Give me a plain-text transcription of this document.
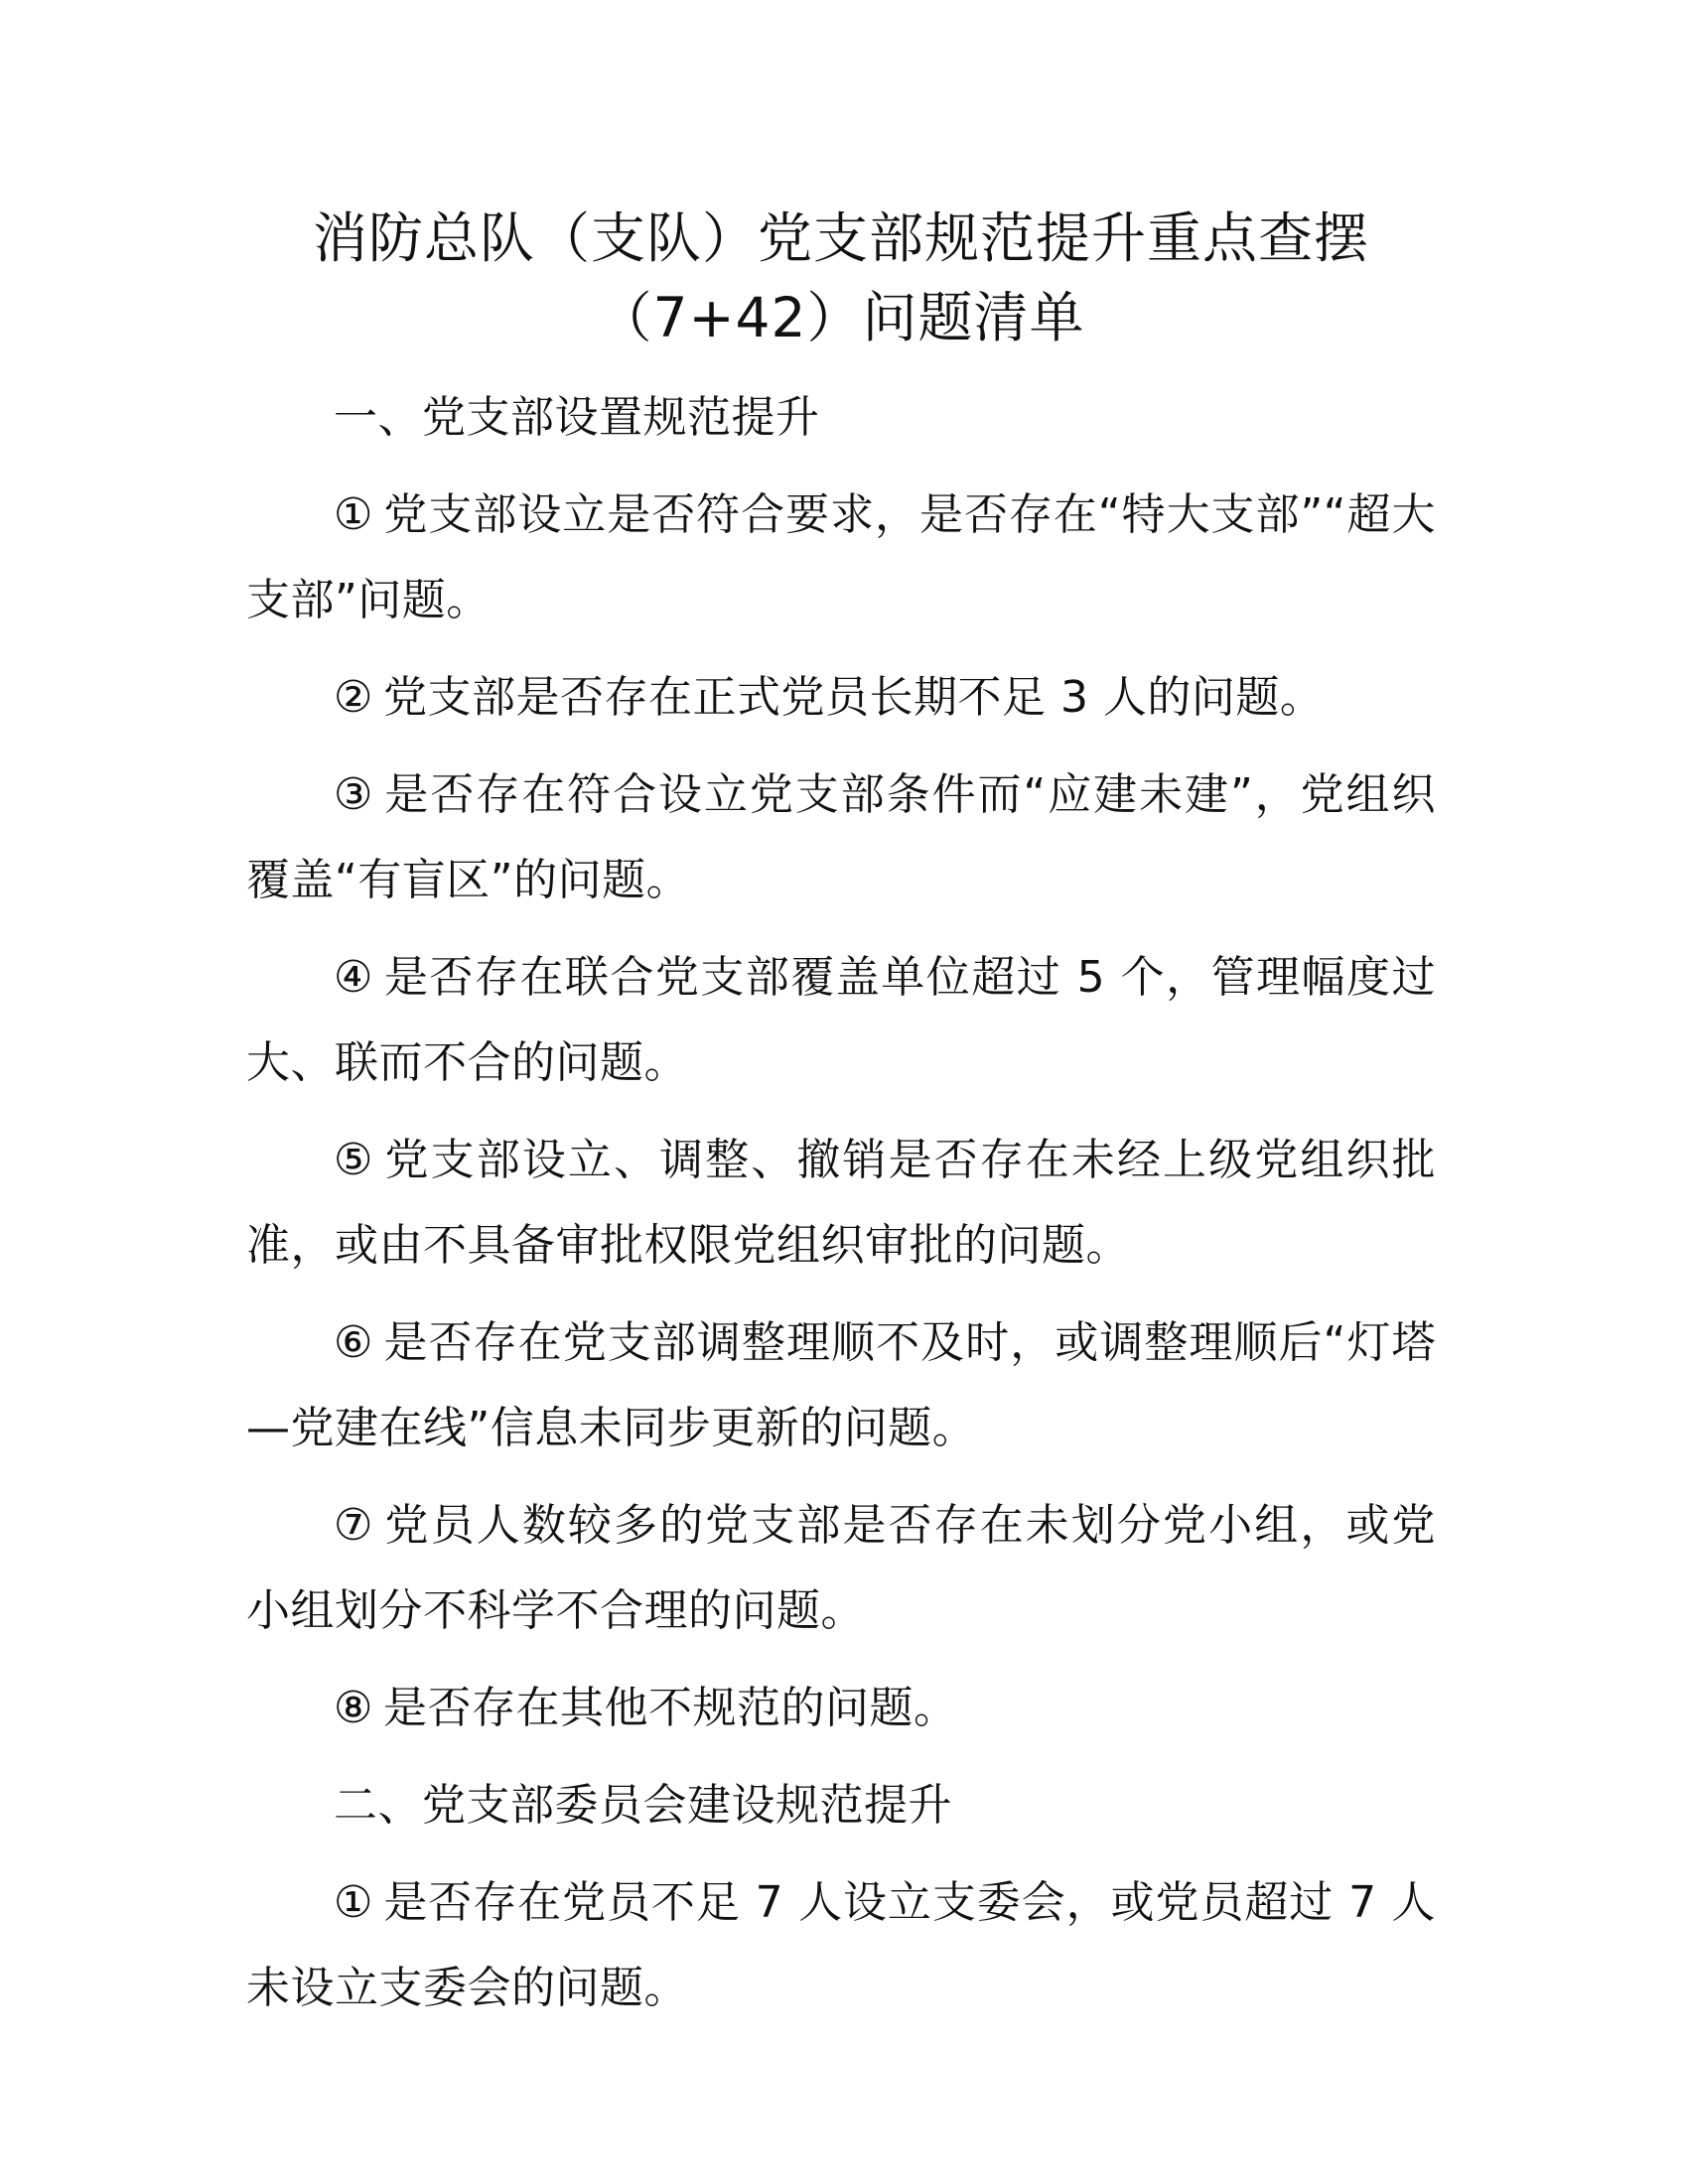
消防总队（支队）党支部规范提升重点查摆
（7+42）问题清单

一、党支部设置规范提升

① 党支部设立是否符合要求，是否存在“特大支部”“超大支部”问题。

② 党支部是否存在正式党员长期不足 3 人的问题。

③ 是否存在符合设立党支部条件而“应建未建”，党组织覆盖“有盲区”的问题。

④ 是否存在联合党支部覆盖单位超过 5 个，管理幅度过大、联而不合的问题。

⑤ 党支部设立、调整、撤销是否存在未经上级党组织批准，或由不具备审批权限党组织审批的问题。

⑥ 是否存在党支部调整理顺不及时，或调整理顺后“灯塔—党建在线”信息未同步更新的问题。

⑦ 党员人数较多的党支部是否存在未划分党小组，或党小组划分不科学不合理的问题。

⑧ 是否存在其他不规范的问题。

二、党支部委员会建设规范提升

① 是否存在党员不足 7 人设立支委会，或党员超过 7 人未设立支委会的问题。
